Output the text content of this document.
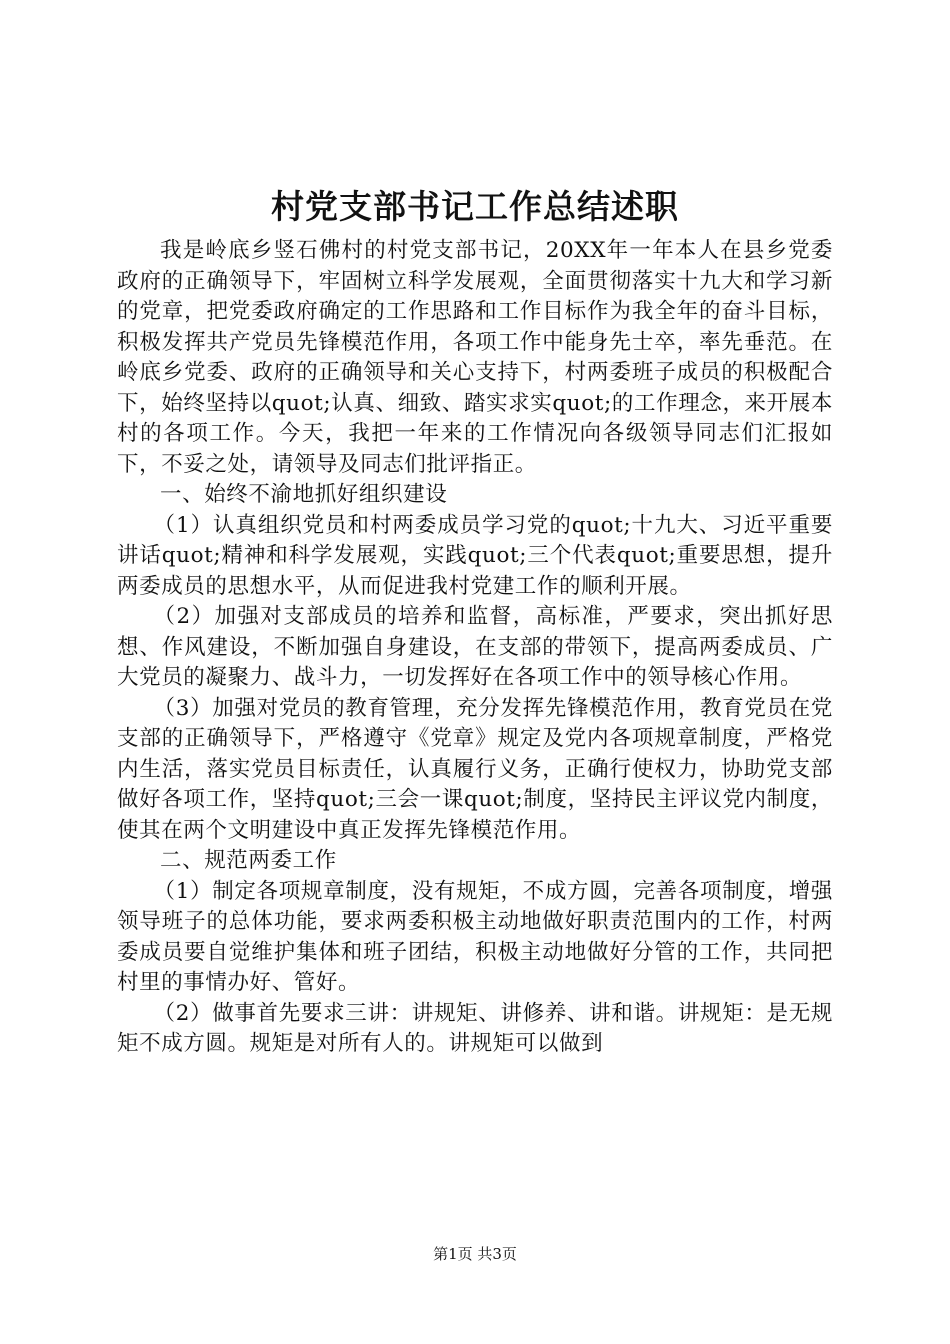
村党支部书记工作总结述职

我是岭底乡竖石佛村的村党支部书记，20XX年一年本人在县乡党委政府的正确领导下，牢固树立科学发展观，全面贯彻落实十九大和学习新的党章，把党委政府确定的工作思路和工作目标作为我全年的奋斗目标，积极发挥共产党员先锋模范作用，各项工作中能身先士卒，率先垂范。在岭底乡党委、政府的正确领导和关心支持下，村两委班子成员的积极配合下，始终坚持以quot;认真、细致、踏实求实quot;的工作理念，来开展本村的各项工作。今天，我把一年来的工作情况向各级领导同志们汇报如下，不妥之处，请领导及同志们批评指正。

一、始终不渝地抓好组织建设

（1）认真组织党员和村两委成员学习党的quot;十九大、习近平重要讲话quot;精神和科学发展观，实践quot;三个代表quot;重要思想，提升两委成员的思想水平，从而促进我村党建工作的顺利开展。

（2）加强对支部成员的培养和监督，高标准，严要求，突出抓好思想、作风建设，不断加强自身建设，在支部的带领下，提高两委成员、广大党员的凝聚力、战斗力，一切发挥好在各项工作中的领导核心作用。

（3）加强对党员的教育管理，充分发挥先锋模范作用，教育党员在党支部的正确领导下，严格遵守《党章》规定及党内各项规章制度，严格党内生活，落实党员目标责任，认真履行义务，正确行使权力，协助党支部做好各项工作，坚持quot;三会一课quot;制度，坚持民主评议党内制度，使其在两个文明建设中真正发挥先锋模范作用。

二、规范两委工作

（1）制定各项规章制度，没有规矩，不成方圆，完善各项制度，增强领导班子的总体功能，要求两委积极主动地做好职责范围内的工作，村两委成员要自觉维护集体和班子团结，积极主动地做好分管的工作，共同把村里的事情办好、管好。

（2）做事首先要求三讲：讲规矩、讲修养、讲和谐。讲规矩：是无规矩不成方圆。规矩是对所有人的。讲规矩可以做到

第1页 共3页
